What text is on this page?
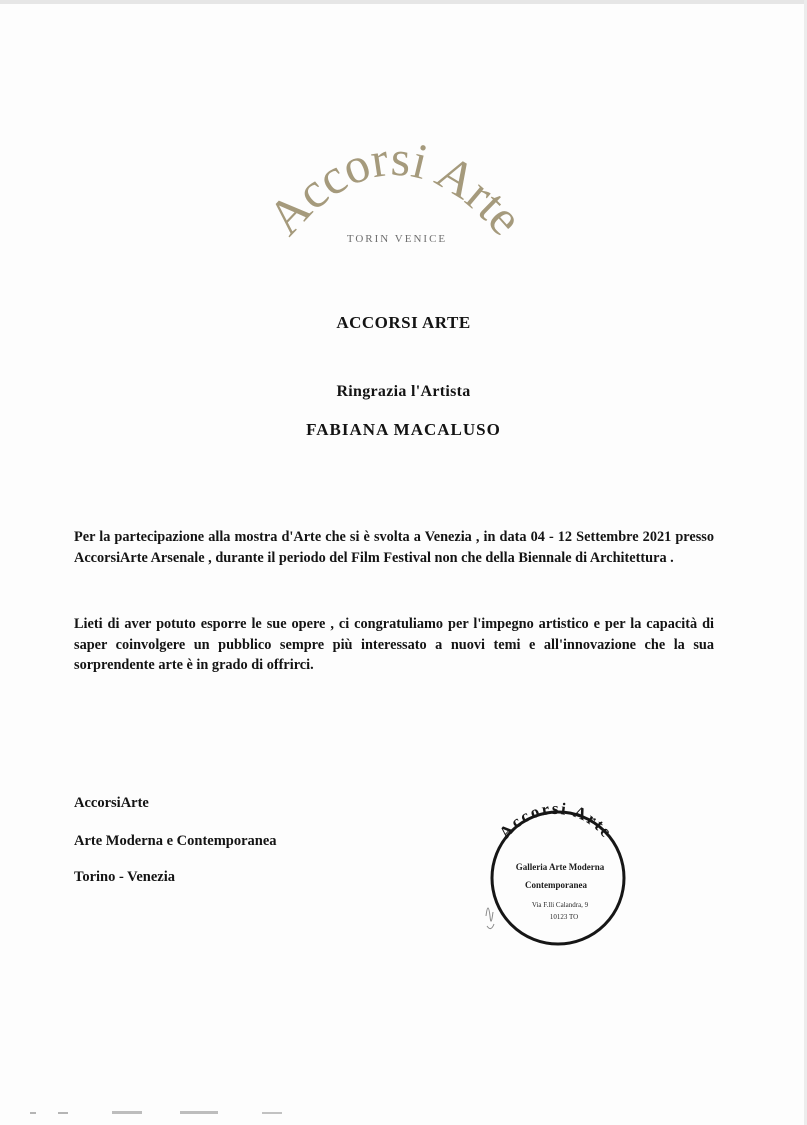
Accorsi Arte
TORIN VENICE
ACCORSI ARTE
Ringrazia l'Artista
FABIANA MACALUSO
Per la partecipazione alla mostra d'Arte che si è svolta a Venezia , in data 04 - 12 Settembre 2021 presso AccorsiArte Arsenale , durante il periodo del Film Festival non che della Biennale di Architettura .
Lieti di aver potuto esporre le sue opere , ci congratuliamo per l'impegno artistico e per la capacità di saper coinvolgere un pubblico sempre più interessato a nuovi temi e all'innovazione che la sua sorprendente arte è in grado di offrirci.
AccorsiArte
Arte Moderna e Contemporanea
Torino - Venezia
Accorsi Arte
Galleria Arte Moderna
Contemporanea
Via F.lli Calandra, 9
10123 TO
